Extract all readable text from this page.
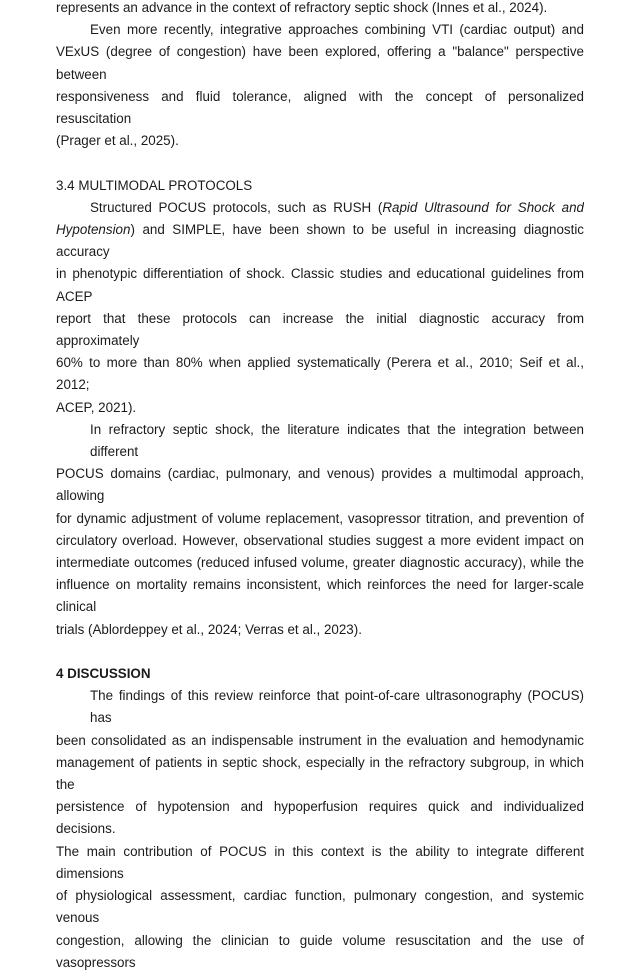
represents an advance in the context of refractory septic shock (Innes et al., 2024).
Even more recently, integrative approaches combining VTI (cardiac output) and
VExUS (degree of congestion) have been explored, offering a "balance" perspective between
responsiveness and fluid tolerance, aligned with the concept of personalized resuscitation
(Prager et al., 2025).
3.4 MULTIMODAL PROTOCOLS
Structured POCUS protocols, such as RUSH (Rapid Ultrasound for Shock and
Hypotension) and SIMPLE, have been shown to be useful in increasing diagnostic accuracy
in phenotypic differentiation of shock. Classic studies and educational guidelines from ACEP
report that these protocols can increase the initial diagnostic accuracy from approximately
60% to more than 80% when applied systematically (Perera et al., 2010; Seif et al., 2012;
ACEP, 2021).
In refractory septic shock, the literature indicates that the integration between different
POCUS domains (cardiac, pulmonary, and venous) provides a multimodal approach, allowing
for dynamic adjustment of volume replacement, vasopressor titration, and prevention of
circulatory overload. However, observational studies suggest a more evident impact on
intermediate outcomes (reduced infused volume, greater diagnostic accuracy), while the
influence on mortality remains inconsistent, which reinforces the need for larger-scale clinical
trials (Ablordeppey et al., 2024; Verras et al., 2023).
4 DISCUSSION
The findings of this review reinforce that point-of-care ultrasonography (POCUS) has
been consolidated as an indispensable instrument in the evaluation and hemodynamic
management of patients in septic shock, especially in the refractory subgroup, in which the
persistence of hypotension and hypoperfusion requires quick and individualized decisions.
The main contribution of POCUS in this context is the ability to integrate different dimensions
of physiological assessment, cardiac function, pulmonary congestion, and systemic venous
congestion, allowing the clinician to guide volume resuscitation and the use of vasopressors
